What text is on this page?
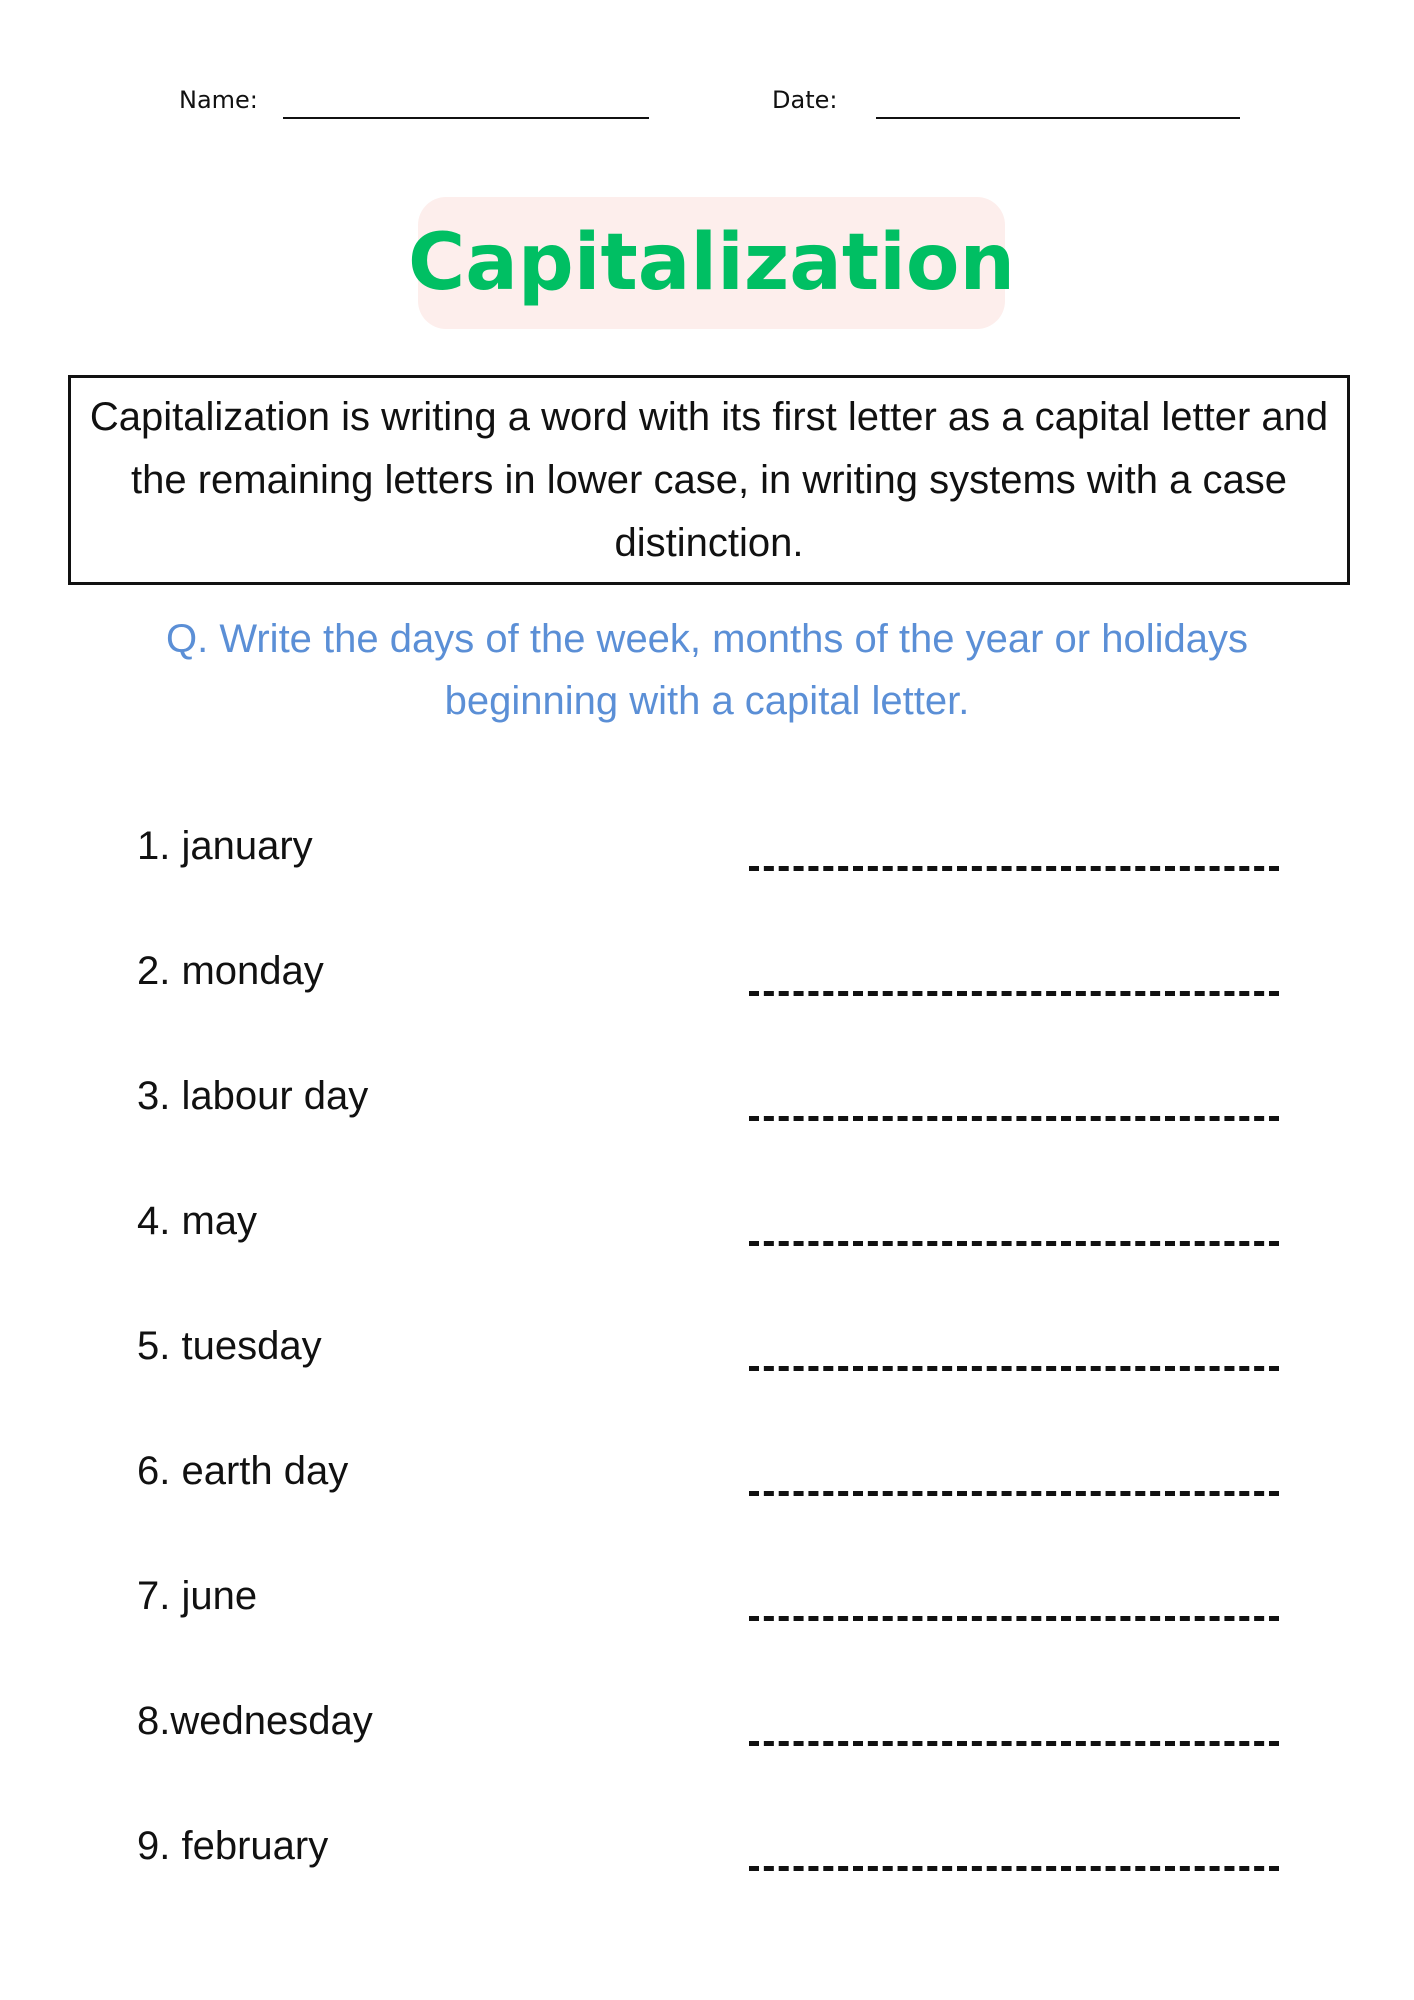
Name:	Date:
Capitalization
Capitalization is writing a word with its first letter as a capital letter and the remaining letters in lower case, in writing systems with a case distinction.
Q. Write the days of the week, months of the year or holidays beginning with a capital letter.
1. january
2. monday
3. labour day
4. may
5. tuesday
6. earth day
7. june
8.wednesday
9. february
